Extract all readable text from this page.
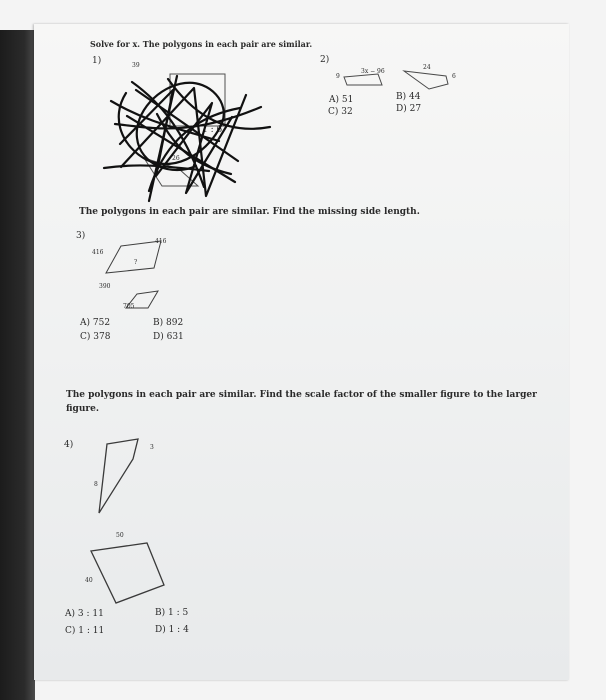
Solve for x. The polygons in each pair are similar.
1)	39
1 : 6
26
2)
9
3x − 96
24
6
A) 51	B) 44
C) 32	D) 27
The polygons in each pair are similar. Find the missing side length.
3)
416
416
?
390
705
A) 752	B) 892
C) 378	D) 631
The polygons in each pair are similar. Find the scale factor of the smaller figure to the larger
figure.
4)	3
8
50
40
A) 3 : 11	B) 1 : 5
C) 1 : 11	D) 1 : 4
